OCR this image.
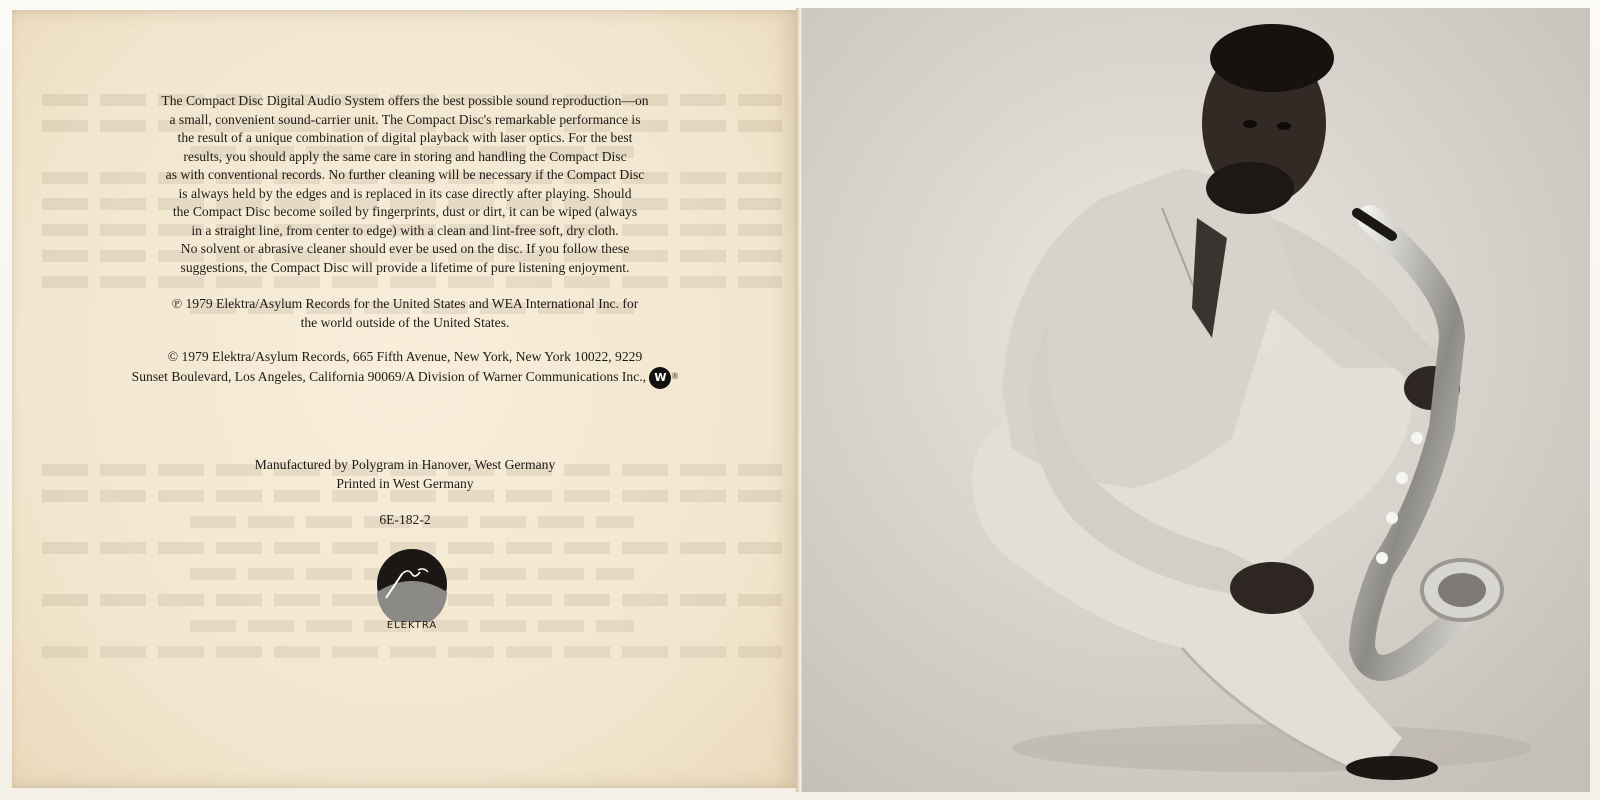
The Compact Disc Digital Audio System offers the best possible sound reproduction—on
a small, convenient sound-carrier unit. The Compact Disc's remarkable performance is
the result of a unique combination of digital playback with laser optics. For the best
results, you should apply the same care in storing and handling the Compact Disc
as with conventional records. No further cleaning will be necessary if the Compact Disc
is always held by the edges and is replaced in its case directly after playing. Should
the Compact Disc become soiled by fingerprints, dust or dirt, it can be wiped (always
in a straight line, from center to edge) with a clean and lint-free soft, dry cloth.
No solvent or abrasive cleaner should ever be used on the disc. If you follow these
suggestions, the Compact Disc will provide a lifetime of pure listening enjoyment.

℗ 1979 Elektra/Asylum Records for the United States and WEA International Inc. for
the world outside of the United States.

© 1979 Elektra/Asylum Records, 665 Fifth Avenue, New York, New York 10022, 9229
Sunset Boulevard, Los Angeles, California 90069/A Division of Warner Communications Inc., W ®

Manufactured by Polygram in Hanover, West Germany

Printed in West Germany

6E-182-2

ELEKTRA
